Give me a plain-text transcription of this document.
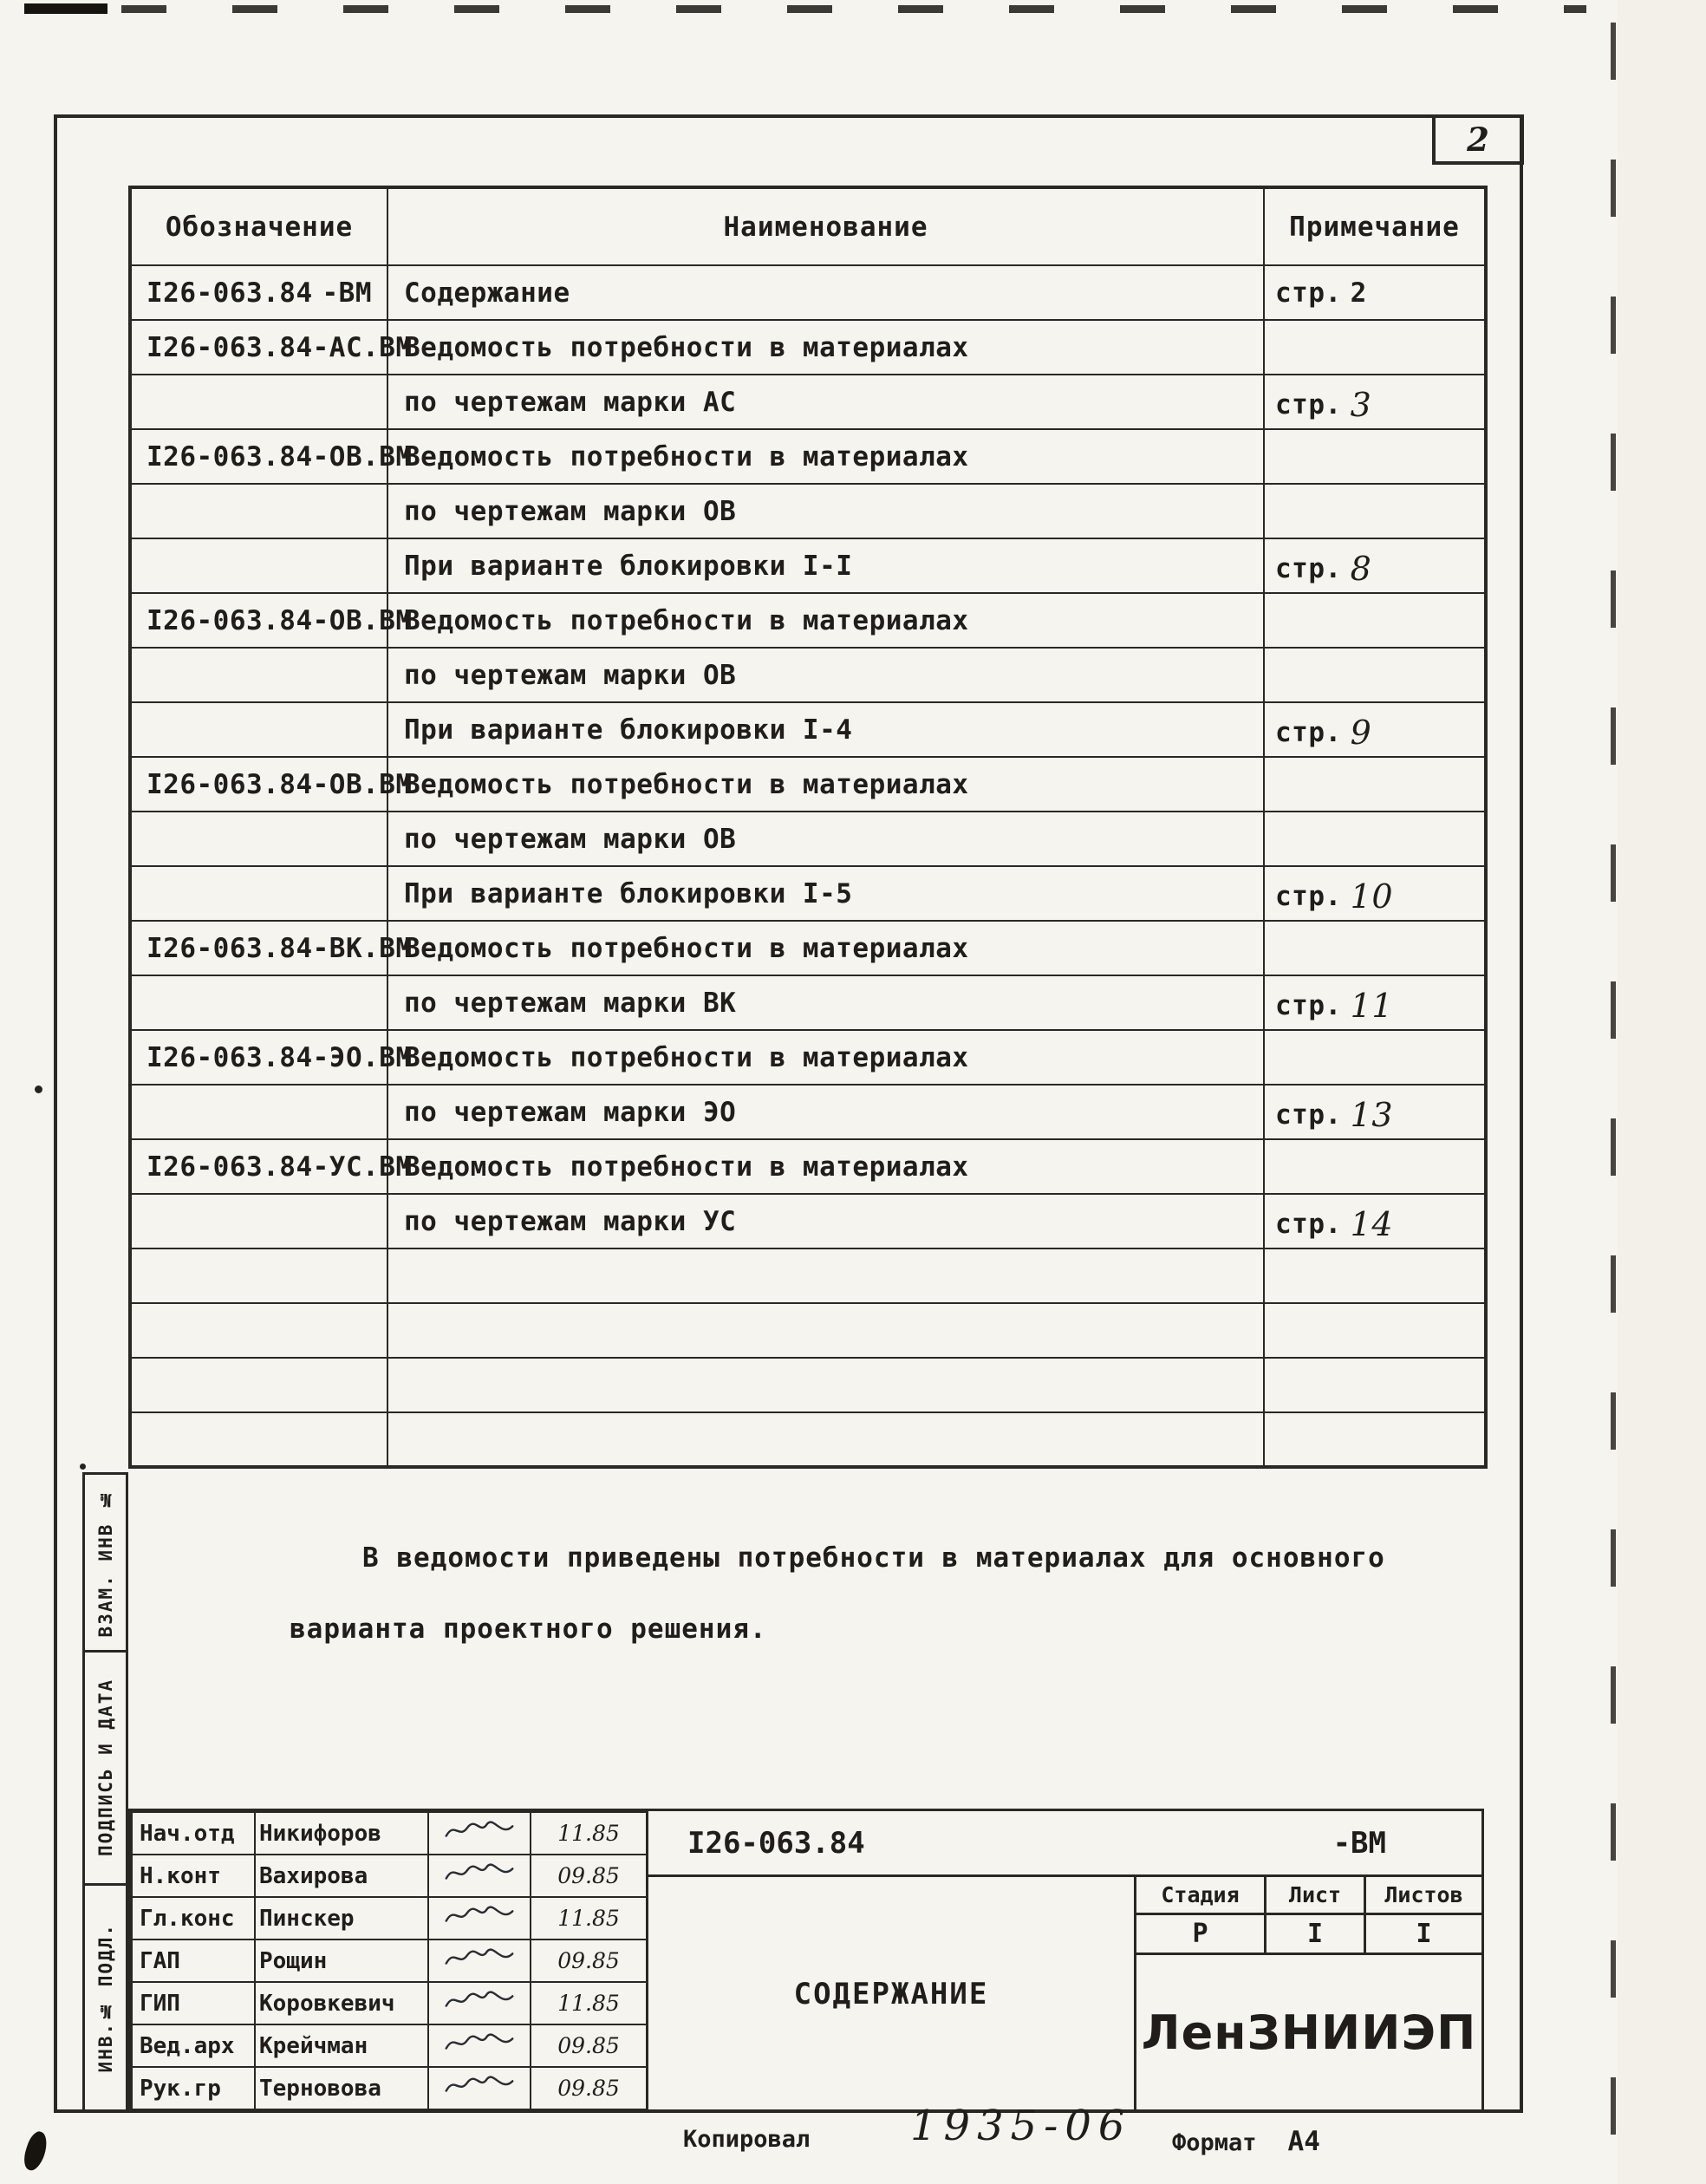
2
Обозначение	Наименование	Примечание

I26-063.84 -ВМ	Содержание	стр. 2

I26-063.84 -АС.ВМ	Ведомость потребности в материалах	

	по чертежам марки АС	стр. 3

I26-063.84 -ОВ.ВМ	Ведомость потребности в материалах	

	по чертежам марки ОВ	

	При варианте блокировки I-I	стр. 8

I26-063.84 -ОВ.ВМ	Ведомость потребности в материалах	

	по чертежам марки ОВ	

	При варианте блокировки I-4	стр. 9

I26-063.84 -ОВ.ВМ	Ведомость потребности в материалах	

	по чертежам марки ОВ	

	При варианте блокировки I-5	стр. 10

I26-063.84 -ВК.ВМ	Ведомость потребности в материалах	

	по чертежам марки ВК	стр. 11

I26-063.84 -ЭО.ВМ	Ведомость потребности в материалах	

	по чертежам марки ЭО	стр. 13

I26-063.84 -УС.ВМ	Ведомость потребности в материалах	

	по чертежам марки УС	стр. 14

В ведомости приведены потребности в материалах для основного
варианта проектного решения.
ВЗАМ. ИНВ №
ПОДПИСЬ И ДАТА
ИНВ.№ ПОДЛ.
Нач.отд	Никифоров		11.85
Н.конт	Вахирова		09.85
Гл.конс	Пинскер		11.85
ГАП	Рощин		09.85
ГИП	Коровкевич		11.85
Вед.арх	Крейчман		09.85
Рук.гр	Терновова		09.85
I26-063.84	-ВМ
СОДЕРЖАНИЕ
Стадия	Лист	Листов
Р	I	I
ЛенЗНИИЭП
Копировал 1935-06 Формат А4
